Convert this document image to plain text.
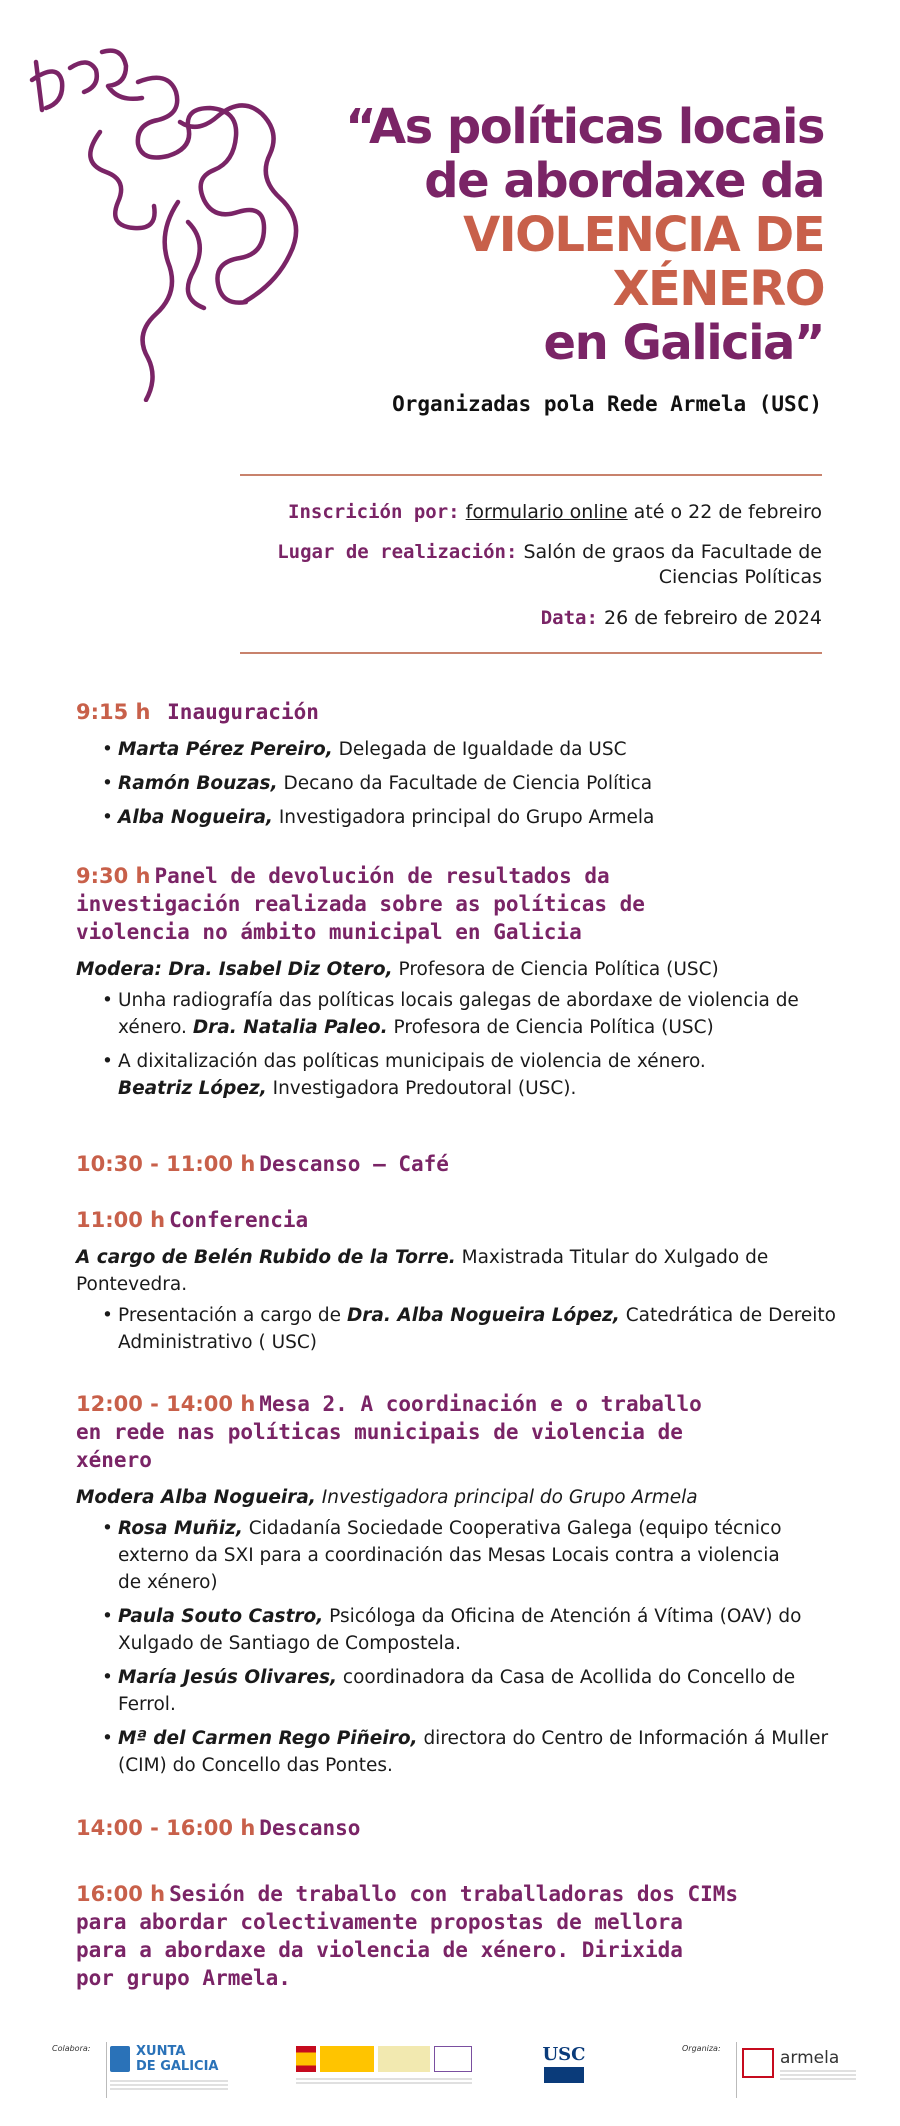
“As políticas locais
de abordaxe da
VIOLENCIA DE
XÉNERO
en Galicia”
Organizadas pola Rede Armela (USC)
Inscrición por: formulario online até o 22 de febreiro
Lugar de realización: Salón de graos da Facultade de
Ciencias Políticas
Data: 26 de febreiro de 2024
9:15 h Inauguración
• Marta Pérez Pereiro, Delegada de Igualdade da USC
• Ramón Bouzas, Decano da Facultade de Ciencia Política
• Alba Nogueira, Investigadora principal do Grupo Armela
9:30 h Panel de devolución de resultados da
investigación realizada sobre as políticas de
violencia no ámbito municipal en Galicia
Modera: Dra. Isabel Diz Otero, Profesora de Ciencia Política (USC)
• Unha radiografía das políticas locais galegas de abordaxe de violencia de
xénero. Dra. Natalia Paleo. Profesora de Ciencia Política (USC)
• A dixitalización das políticas municipais de violencia de xénero.
Beatriz López, Investigadora Predoutoral (USC).
10:30 - 11:00 h Descanso – Café
11:00 h Conferencia
A cargo de Belén Rubido de la Torre. Maxistrada Titular do Xulgado de
Pontevedra.
• Presentación a cargo de Dra. Alba Nogueira López, Catedrática de Dereito
Administrativo ( USC)
12:00 - 14:00 h Mesa 2. A coordinación e o traballo
en rede nas políticas municipais de violencia de
xénero
Modera Alba Nogueira, Investigadora principal do Grupo Armela
• Rosa Muñiz, Cidadanía Sociedade Cooperativa Galega (equipo técnico
externo da SXI para a coordinación das Mesas Locais contra a violencia
de xénero)
• Paula Souto Castro, Psicóloga da Oficina de Atención á Vítima (OAV) do
Xulgado de Santiago de Compostela.
• María Jesús Olivares, coordinadora da Casa de Acollida do Concello de
Ferrol.
• Mª del Carmen Rego Piñeiro, directora do Centro de Información á Muller
(CIM) do Concello das Pontes.
14:00 - 16:00 h Descanso
16:00 h Sesión de traballo con traballadoras dos CIMs
para abordar colectivamente propostas de mellora
para a abordaxe da violencia de xénero. Dirixida
por grupo Armela.
Colabora:	XUNTA
DE GALICIA
USC	Organiza:	armela
